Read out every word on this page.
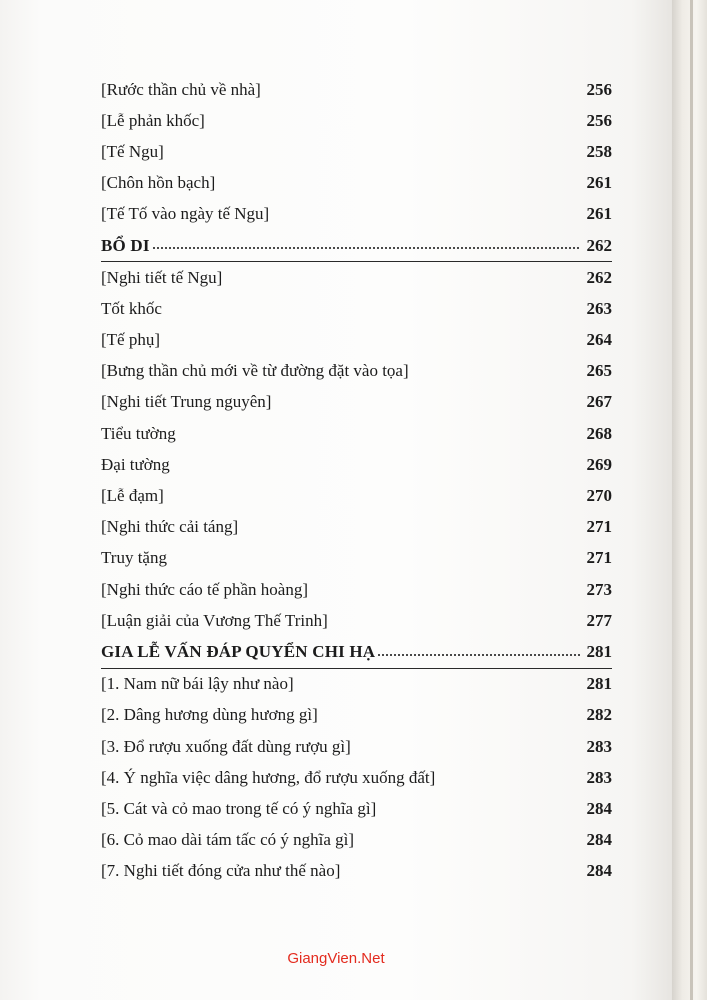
[Rước thần chủ về nhà]	256
[Lễ phản khốc]	256
[Tế Ngu]	258
[Chôn hồn bạch]	261
[Tế Tố vào ngày tế Ngu]	261
BỔ DI	262
[Nghi tiết tế Ngu]	262
Tốt khốc	263
[Tế phụ]	264
[Bưng thần chủ mới về từ đường đặt vào tọa]	265
[Nghi tiết Trung nguyên]	267
Tiểu tường	268
Đại tường	269
[Lễ đạm]	270
[Nghi thức cải táng]	271
Truy tặng	271
[Nghi thức cáo tế phần hoàng]	273
[Luận giải của Vương Thế Trinh]	277
GIA LỄ VẤN ĐÁP QUYỂN CHI HẠ	281
[1. Nam nữ bái lậy như nào]	281
[2. Dâng hương dùng hương gì]	282
[3. Đổ rượu xuống đất dùng rượu gì]	283
[4. Ý nghĩa việc dâng hương, đổ rượu xuống đất]	283
[5. Cát và cỏ mao trong tế có ý nghĩa gì]	284
[6. Cỏ mao dài tám tấc có ý nghĩa gì]	284
[7. Nghi tiết đóng cửa như thế nào]	284
GiangVien.Net
